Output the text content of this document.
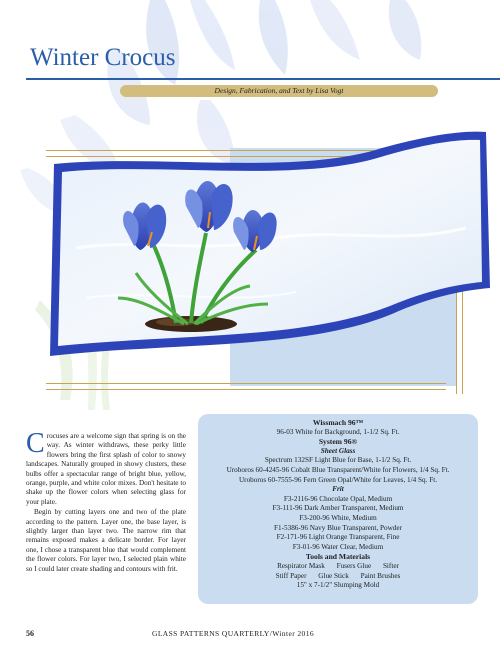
Winter Crocus
Design, Fabrication, and Text by Lisa Vogt

Crocuses are a welcome sign that spring is on the way. As winter withdraws, these perky little flowers bring the first splash of color to snowy landscapes. Naturally grouped in showy clusters, these bulbs offer a spectacular range of bright blue, yellow, orange, purple, and white color mixes. Don't hesitate to shake up the flower colors when selecting glass for your plate.

Begin by cutting layers one and two of the plate according to the pattern. Layer one, the base layer, is slightly larger than layer two. The narrow rim that remains exposed makes a delicate border. For layer one, I chose a transparent blue that would complement the flower colors. For layer two, I selected plain white so I could later create shading and contours with frit.

Wissmach 96™
96-03 White for Background, 1-1/2 Sq. Ft.
System 96®
Sheet Glass
Spectrum 132SF Light Blue for Base, 1-1/2 Sq. Ft.
Uroboros 60-4245-96 Cobalt Blue Transparent/White for Flowers, 1/4 Sq. Ft.
Uroboros 60-7555-96 Fern Green Opal/White for Leaves, 1/4 Sq. Ft.
Frit
F3-2116-96 Chocolate Opal, Medium
F3-111-96 Dark Amber Transparent, Medium
F3-200-96 White, Medium
F1-5386-96 Navy Blue Transparent, Powder
F2-171-96 Light Orange Transparent, Fine
F3-01-96 Water Clear, Medium
Tools and Materials
Respirator Mask Fusers Glue Sifter
Stiff Paper Glue Stick Paint Brushes
15" x 7-1/2" Slumping Mold
56	GLASS PATTERNS QUARTERLY/Winter 2016
